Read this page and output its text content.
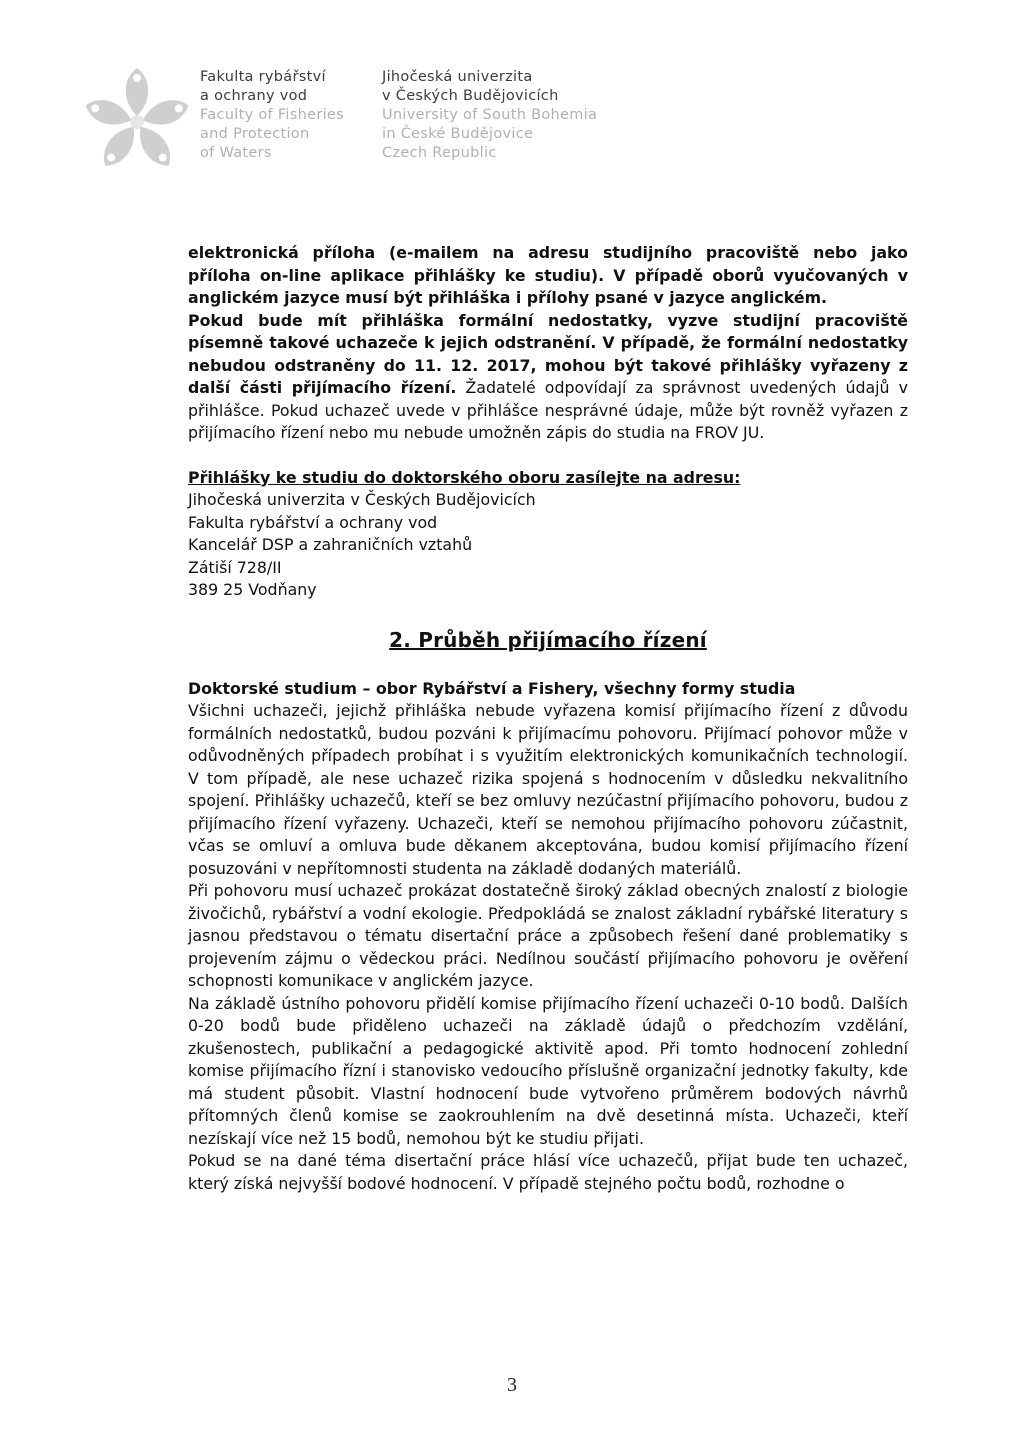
Fakulta rybářství
a ochrany vod
Faculty of Fisheries
and Protection
of Waters
Jihočeská univerzita
v Českých Budějovicích
University of South Bohemia
in České Budějovice
Czech Republic

elektronická příloha (e-mailem na adresu studijního pracoviště nebo jako příloha on-line aplikace přihlášky ke studiu). V případě oborů vyučovaných v anglickém jazyce musí být přihláška i přílohy psané v jazyce anglickém.

Pokud bude mít přihláška formální nedostatky, vyzve studijní pracoviště písemně takové uchazeče k jejich odstranění. V případě, že formální nedostatky nebudou odstraněny do 11. 12. 2017, mohou být takové přihlášky vyřazeny z další části přijímacího řízení. Žadatelé odpovídají za správnost uvedených údajů v přihlášce. Pokud uchazeč uvede v přihlášce nesprávné údaje, může být rovněž vyřazen z přijímacího řízení nebo mu nebude umožněn zápis do studia na FROV JU.

Přihlášky ke studiu do doktorského oboru zasílejte na adresu:

Jihočeská univerzita v Českých Budějovicích

Fakulta rybářství a ochrany vod

Kancelář DSP a zahraničních vztahů

Zátiší 728/II

389 25 Vodňany

2. Průběh přijímacího řízení

Doktorské studium – obor Rybářství a Fishery, všechny formy studia

Všichni uchazeči, jejichž přihláška nebude vyřazena komisí přijímacího řízení z důvodu formálních nedostatků, budou pozváni k přijímacímu pohovoru. Přijímací pohovor může v odůvodněných případech probíhat i s využitím elektronických komunikačních technologií. V tom případě, ale nese uchazeč rizika spojená s hodnocením v důsledku nekvalitního spojení. Přihlášky uchazečů, kteří se bez omluvy nezúčastní přijímacího pohovoru, budou z přijímacího řízení vyřazeny. Uchazeči, kteří se nemohou přijímacího pohovoru zúčastnit, včas se omluví a omluva bude děkanem akceptována, budou komisí přijímacího řízení posuzováni v nepřítomnosti studenta na základě dodaných materiálů.

Při pohovoru musí uchazeč prokázat dostatečně široký základ obecných znalostí z biologie živočichů, rybářství a vodní ekologie. Předpokládá se znalost základní rybářské literatury s jasnou představou o tématu disertační práce a způsobech řešení dané problematiky s projevením zájmu o vědeckou práci. Nedílnou součástí přijímacího pohovoru je ověření schopnosti komunikace v anglickém jazyce.

Na základě ústního pohovoru přidělí komise přijímacího řízení uchazeči 0-10 bodů. Dalších 0-20 bodů bude přiděleno uchazeči na základě údajů o předchozím vzdělání, zkušenostech, publikační a pedagogické aktivitě apod. Při tomto hodnocení zohlední komise přijímacího řízní i stanovisko vedoucího příslušně organizační jednotky fakulty, kde má student působit. Vlastní hodnocení bude vytvořeno průměrem bodových návrhů přítomných členů komise se zaokrouhlením na dvě desetinná místa. Uchazeči, kteří nezískají více než 15 bodů, nemohou být ke studiu přijati.

Pokud se na dané téma disertační práce hlásí více uchazečů, přijat bude ten uchazeč, který získá nejvyšší bodové hodnocení. V případě stejného počtu bodů, rozhodne o

3
